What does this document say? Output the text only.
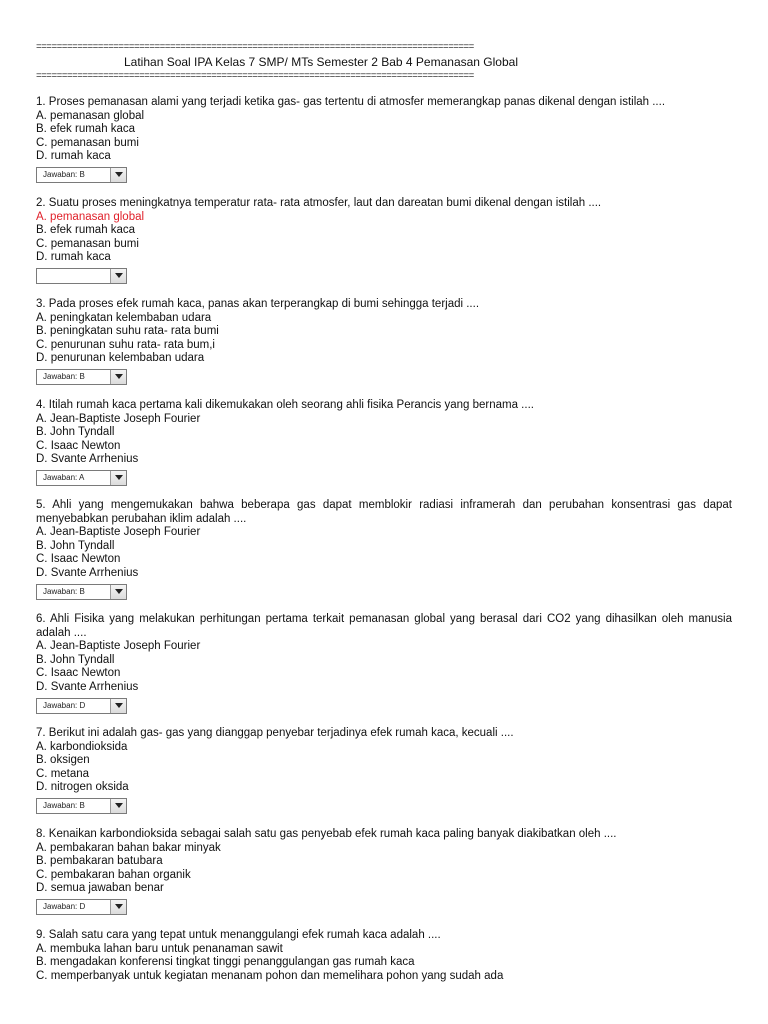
=====================================================================================
Latihan Soal IPA Kelas 7 SMP/ MTs Semester 2 Bab 4 Pemanasan Global
=====================================================================================

1. Proses pemanasan alami yang terjadi ketika gas- gas tertentu di atmosfer memerangkap panas dikenal dengan istilah ....

A. pemanasan global

B. efek rumah kaca

C. pemanasan bumi

D. rumah kaca

Jawaban: B

2. Suatu proses meningkatnya temperatur rata- rata atmosfer, laut dan dareatan bumi dikenal dengan istilah ....

A. pemanasan global

B. efek rumah kaca

C. pemanasan bumi

D. rumah kaca

3. Pada proses efek rumah kaca, panas akan terperangkap di bumi sehingga terjadi ....

A. peningkatan kelembaban udara

B. peningkatan suhu rata- rata bumi

C. penurunan suhu rata- rata bum,i

D. penurunan kelembaban udara

Jawaban: B

4. Itilah rumah kaca pertama kali dikemukakan oleh seorang ahli fisika Perancis yang bernama ....

A. Jean-Baptiste Joseph Fourier

B. John Tyndall

C. Isaac Newton

D. Svante Arrhenius

Jawaban: A

5. Ahli yang mengemukakan bahwa beberapa gas dapat memblokir radiasi inframerah dan perubahan konsentrasi gas dapat menyebabkan perubahan iklim adalah ....

A. Jean-Baptiste Joseph Fourier

B. John Tyndall

C. Isaac Newton

D. Svante Arrhenius

Jawaban: B

6. Ahli Fisika yang melakukan perhitungan pertama terkait pemanasan global yang berasal dari CO2 yang dihasilkan oleh manusia adalah ....

A. Jean-Baptiste Joseph Fourier

B. John Tyndall

C. Isaac Newton

D. Svante Arrhenius

Jawaban: D

7. Berikut ini adalah gas- gas yang dianggap penyebar terjadinya efek rumah kaca, kecuali ....

A. karbondioksida

B. oksigen

C. metana

D. nitrogen oksida

Jawaban: B

8. Kenaikan karbondioksida sebagai salah satu gas penyebab efek rumah kaca paling banyak diakibatkan oleh ....

A. pembakaran bahan bakar minyak

B. pembakaran batubara

C. pembakaran bahan organik

D. semua jawaban benar

Jawaban: D

9. Salah satu cara yang tepat untuk menanggulangi efek rumah kaca adalah ....

A. membuka lahan baru untuk penanaman sawit

B. mengadakan konferensi tingkat tinggi penanggulangan gas rumah kaca

C. memperbanyak untuk kegiatan menanam pohon dan memelihara pohon yang sudah ada
